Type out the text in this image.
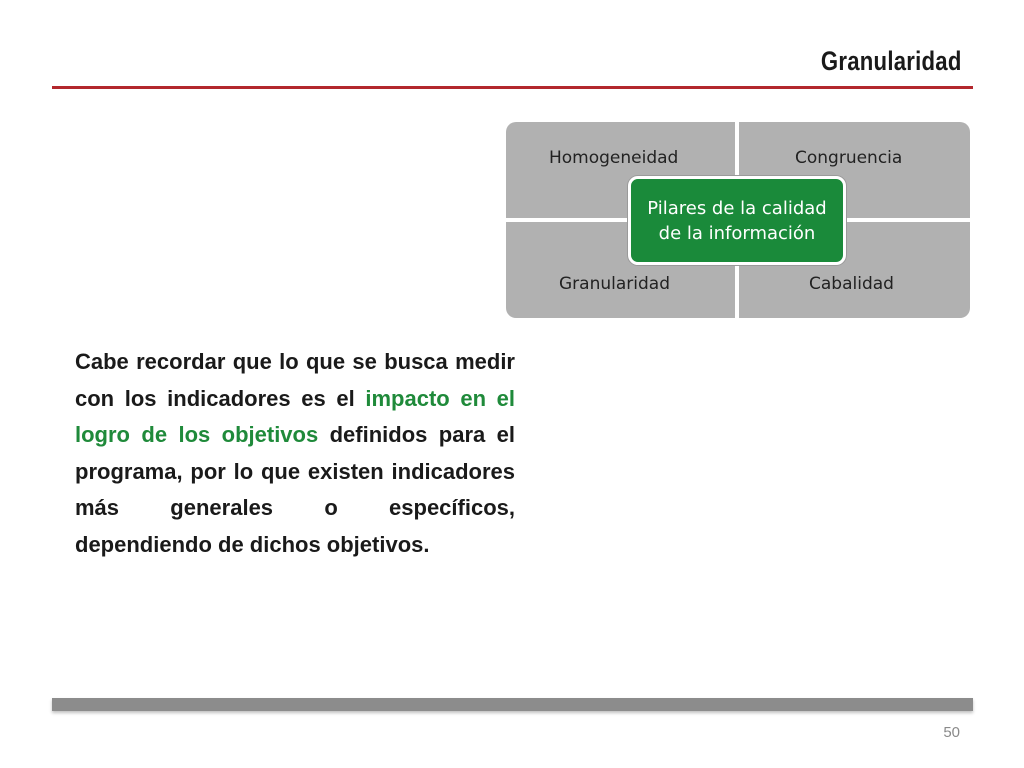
Granularidad
Homogeneidad	Congruencia
Granularidad	Cabalidad
Pilares de la calidad
de la información
Cabe recordar que lo que se busca medir con los indicadores es el impacto en el logro de los objetivos definidos para el programa, por lo que existen indicadores más generales o específicos, dependiendo de dichos objetivos.
50
